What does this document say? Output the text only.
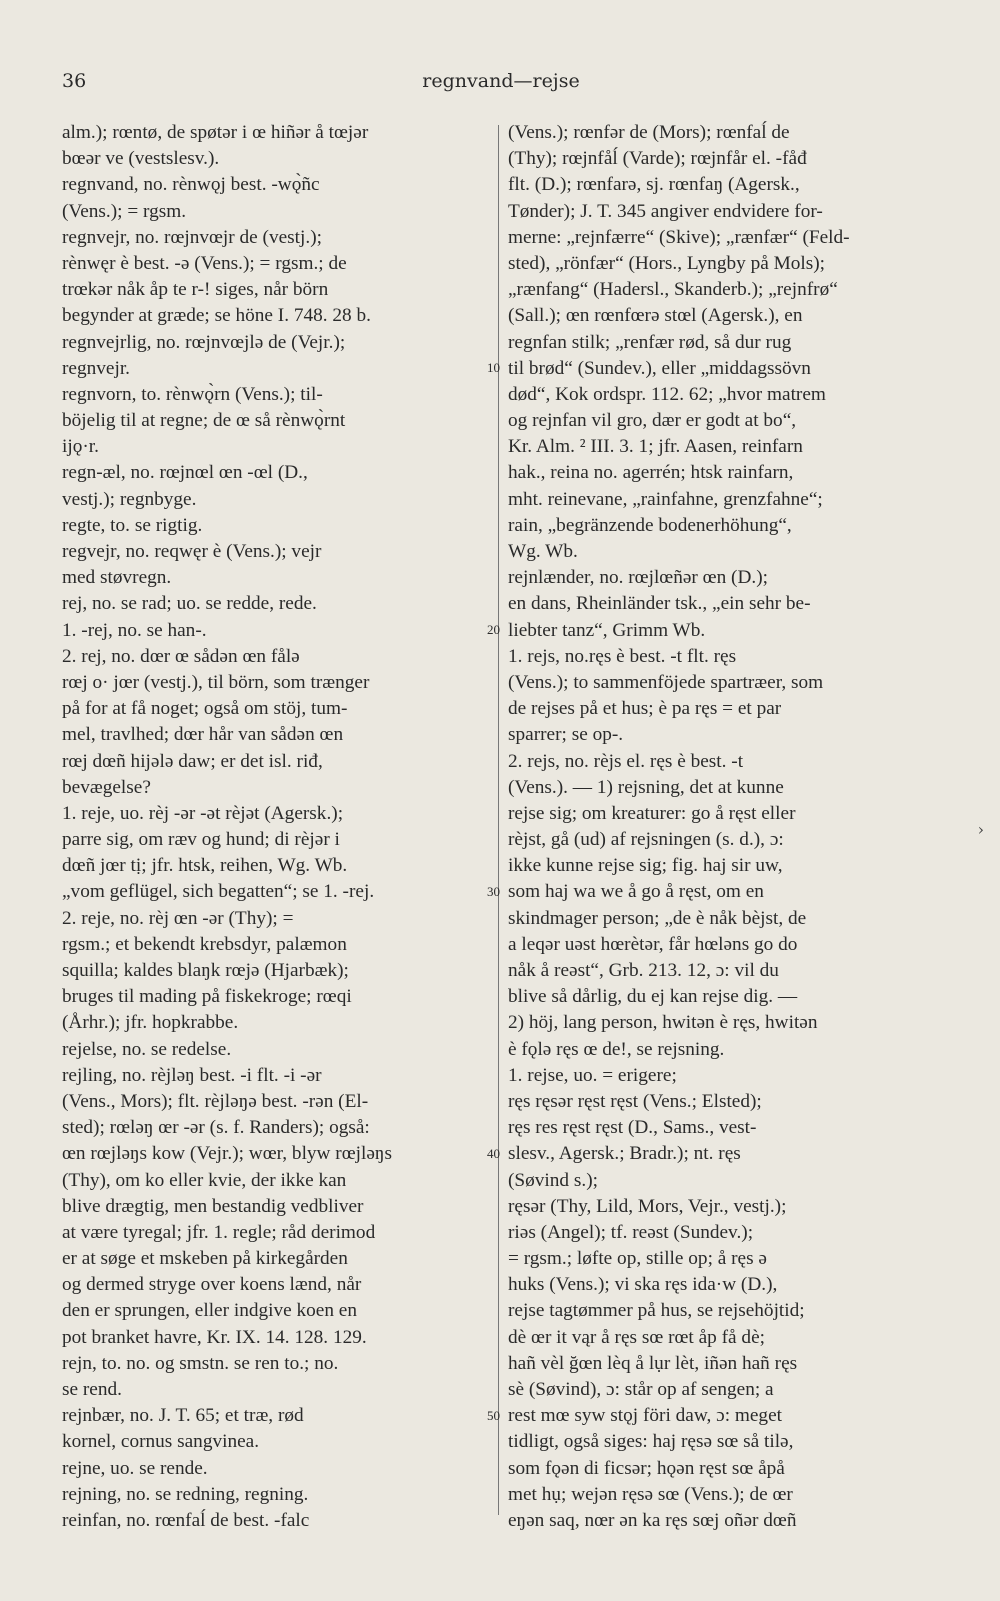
36	regnvand—rejse
alm.); rœntø, de spøtər i œ hiñər å tœjər
bœər ve (vestslesv.).
regnvand, no. rènwǫj best. -wǫ̀ñc
(Vens.); = rgsm.
regnvejr, no. rœjnvœjr de (vestj.);
rènwęr è best. -ə (Vens.); = rgsm.; de
trœkər nåk åp te r-! siges, når börn
begynder at græde; se höne I. 748. 28 b.
regnvejrlig, no. rœjnvœjlə de (Vejr.);
regnvejr.
regnvorn, to. rènwǫ̀rn (Vens.); til-
böjelig til at regne; de œ så rènwǫ̀rnt
ijǫ·r.
regn-æl, no. rœjnœl œn -œl (D.,
vestj.); regnbyge.
regte, to. se rigtig.
regvejr, no. reqwęr è (Vens.); vejr
med støvregn.
rej, no. se rad; uo. se redde, rede.
1. -rej, no. se han-.
2. rej, no. dœr œ sådən œn fålə
rœj o· jœr (vestj.), til börn, som trænger
på for at få noget; også om stöj, tum-
mel, travlhed; dœr hår van sådən œn
rœj dœñ hijələ daw; er det isl. riđ,
bevægelse?
1. reje, uo. rèj -ər -ət rèjət (Agersk.);
parre sig, om ræv og hund; di rèjər i
dœñ jœr tị; jfr. htsk, reihen, Wg. Wb.
„vom geflügel, sich begatten“; se 1. -rej.
2. reje, no. rèj œn -ər (Thy); =
rgsm.; et bekendt krebsdyr, palæmon
squilla; kaldes blaŋk rœjə (Hjarbæk);
bruges til mading på fiskekroge; rœqi
(Århr.); jfr. hopkrabbe.
rejelse, no. se redelse.
rejling, no. rèjləŋ best. -i flt. -i -ər
(Vens., Mors); flt. rèjləŋə best. -rən (El-
sted); rœləŋ œr -ər (s. f. Randers); også:
œn rœjləŋs kow (Vejr.); wœr, blyw rœjləŋs
(Thy), om ko eller kvie, der ikke kan
blive drægtig, men bestandig vedbliver
at være tyregal; jfr. 1. regle; råd derimod
er at søge et mskeben på kirkegården
og dermed stryge over koens lænd, når
den er sprungen, eller indgive koen en
pot branket havre, Kr. IX. 14. 128. 129.
rejn, to. no. og smstn. se ren to.; no.
se rend.
rejnbær, no. J. T. 65; et træ, rød
kornel, cornus sangvinea.
rejne, uo. se rende.
rejning, no. se redning, regning.
reinfan, no. rœnfaĺ de best. -falc
(Vens.); rœnfər de (Mors); rœnfaĺ de
(Thy); rœjnfåĺ (Varde); rœjnfår el. -fåđ
flt. (D.); rœnfarə, sj. rœnfaŋ (Agersk.,
Tønder); J. T. 345 angiver endvidere for-
merne: „rejnfærre“ (Skive); „rænfær“ (Feld-
sted), „rönfær“ (Hors., Lyngby på Mols);
„rænfang“ (Hadersl., Skanderb.); „rejnfrø“
(Sall.); œn rœnfœrə stœl (Agersk.), en
regnfan stilk; „renfær rød, så dur rug
til brød“ (Sundev.), eller „middagssövn
død“, Kok ordspr. 112. 62; „hvor matrem
og rejnfan vil gro, dær er godt at bo“,
Kr. Alm. ² III. 3. 1; jfr. Aasen, reinfarn
hak., reina no. agerrén; htsk rainfarn,
mht. reinevane, „rainfahne, grenzfahne“;
rain, „begränzende bodenerhöhung“,
Wg. Wb.
rejnlænder, no. rœjlœñər œn (D.);
en dans, Rheinländer tsk., „ein sehr be-
liebter tanz“, Grimm Wb.
1. rejs, no.ręs è best. -t flt. ręs
(Vens.); to sammenföjede spartræer, som
de rejses på et hus; è pa ręs = et par
sparrer; se op-.
2. rejs, no. rèjs el. ręs è best. -t
(Vens.). — 1) rejsning, det at kunne
rejse sig; om kreaturer: go å ręst eller
rèjst, gå (ud) af rejsningen (s. d.), ɔ:
ikke kunne rejse sig; fig. haj sir uw,
som haj wa we å go å ręst, om en
skindmager person; „de è nåk bèjst, de
a leqər uəst hœrètər, får hœləns go do
nåk å reəst“, Grb. 213. 12, ɔ: vil du
blive så dårlig, du ej kan rejse dig. —
2) höj, lang person, hwitən è ręs, hwitən
è fǫlə ręs œ de!, se rejsning.
1. rejse, uo. = erigere;
ręs ręsər ręst ręst (Vens.; Elsted);
ręs res ręst ręst (D., Sams., vest-
slesv., Agersk.; Bradr.); nt. ręs
(Søvind s.);
ręsər (Thy, Lild, Mors, Vejr., vestj.);
riəs (Angel); tf. reəst (Sundev.);
= rgsm.; løfte op, stille op; å ręs ə
huks (Vens.); vi ska ręs ida·w (D.),
rejse tagtømmer på hus, se rejsehöjtid;
dè œr it vąr å ręs sœ rœt åp få dè;
hañ vèl ğœn lèq å lụr lèt, iñən hañ ręs
sè (Søvind), ɔ: står op af sengen; a
rest mœ syw stǫj föri daw, ɔ: meget
tidligt, også siges: haj ręsə sœ så tilə,
som fǫən di ficsər; hǫən ręst sœ åpå
met hụ; wejən ręsə sœ (Vens.); de œr
eŋən saq, nœr ən ka ręs sœj oñər dœñ
10
20
30
40
50
›
